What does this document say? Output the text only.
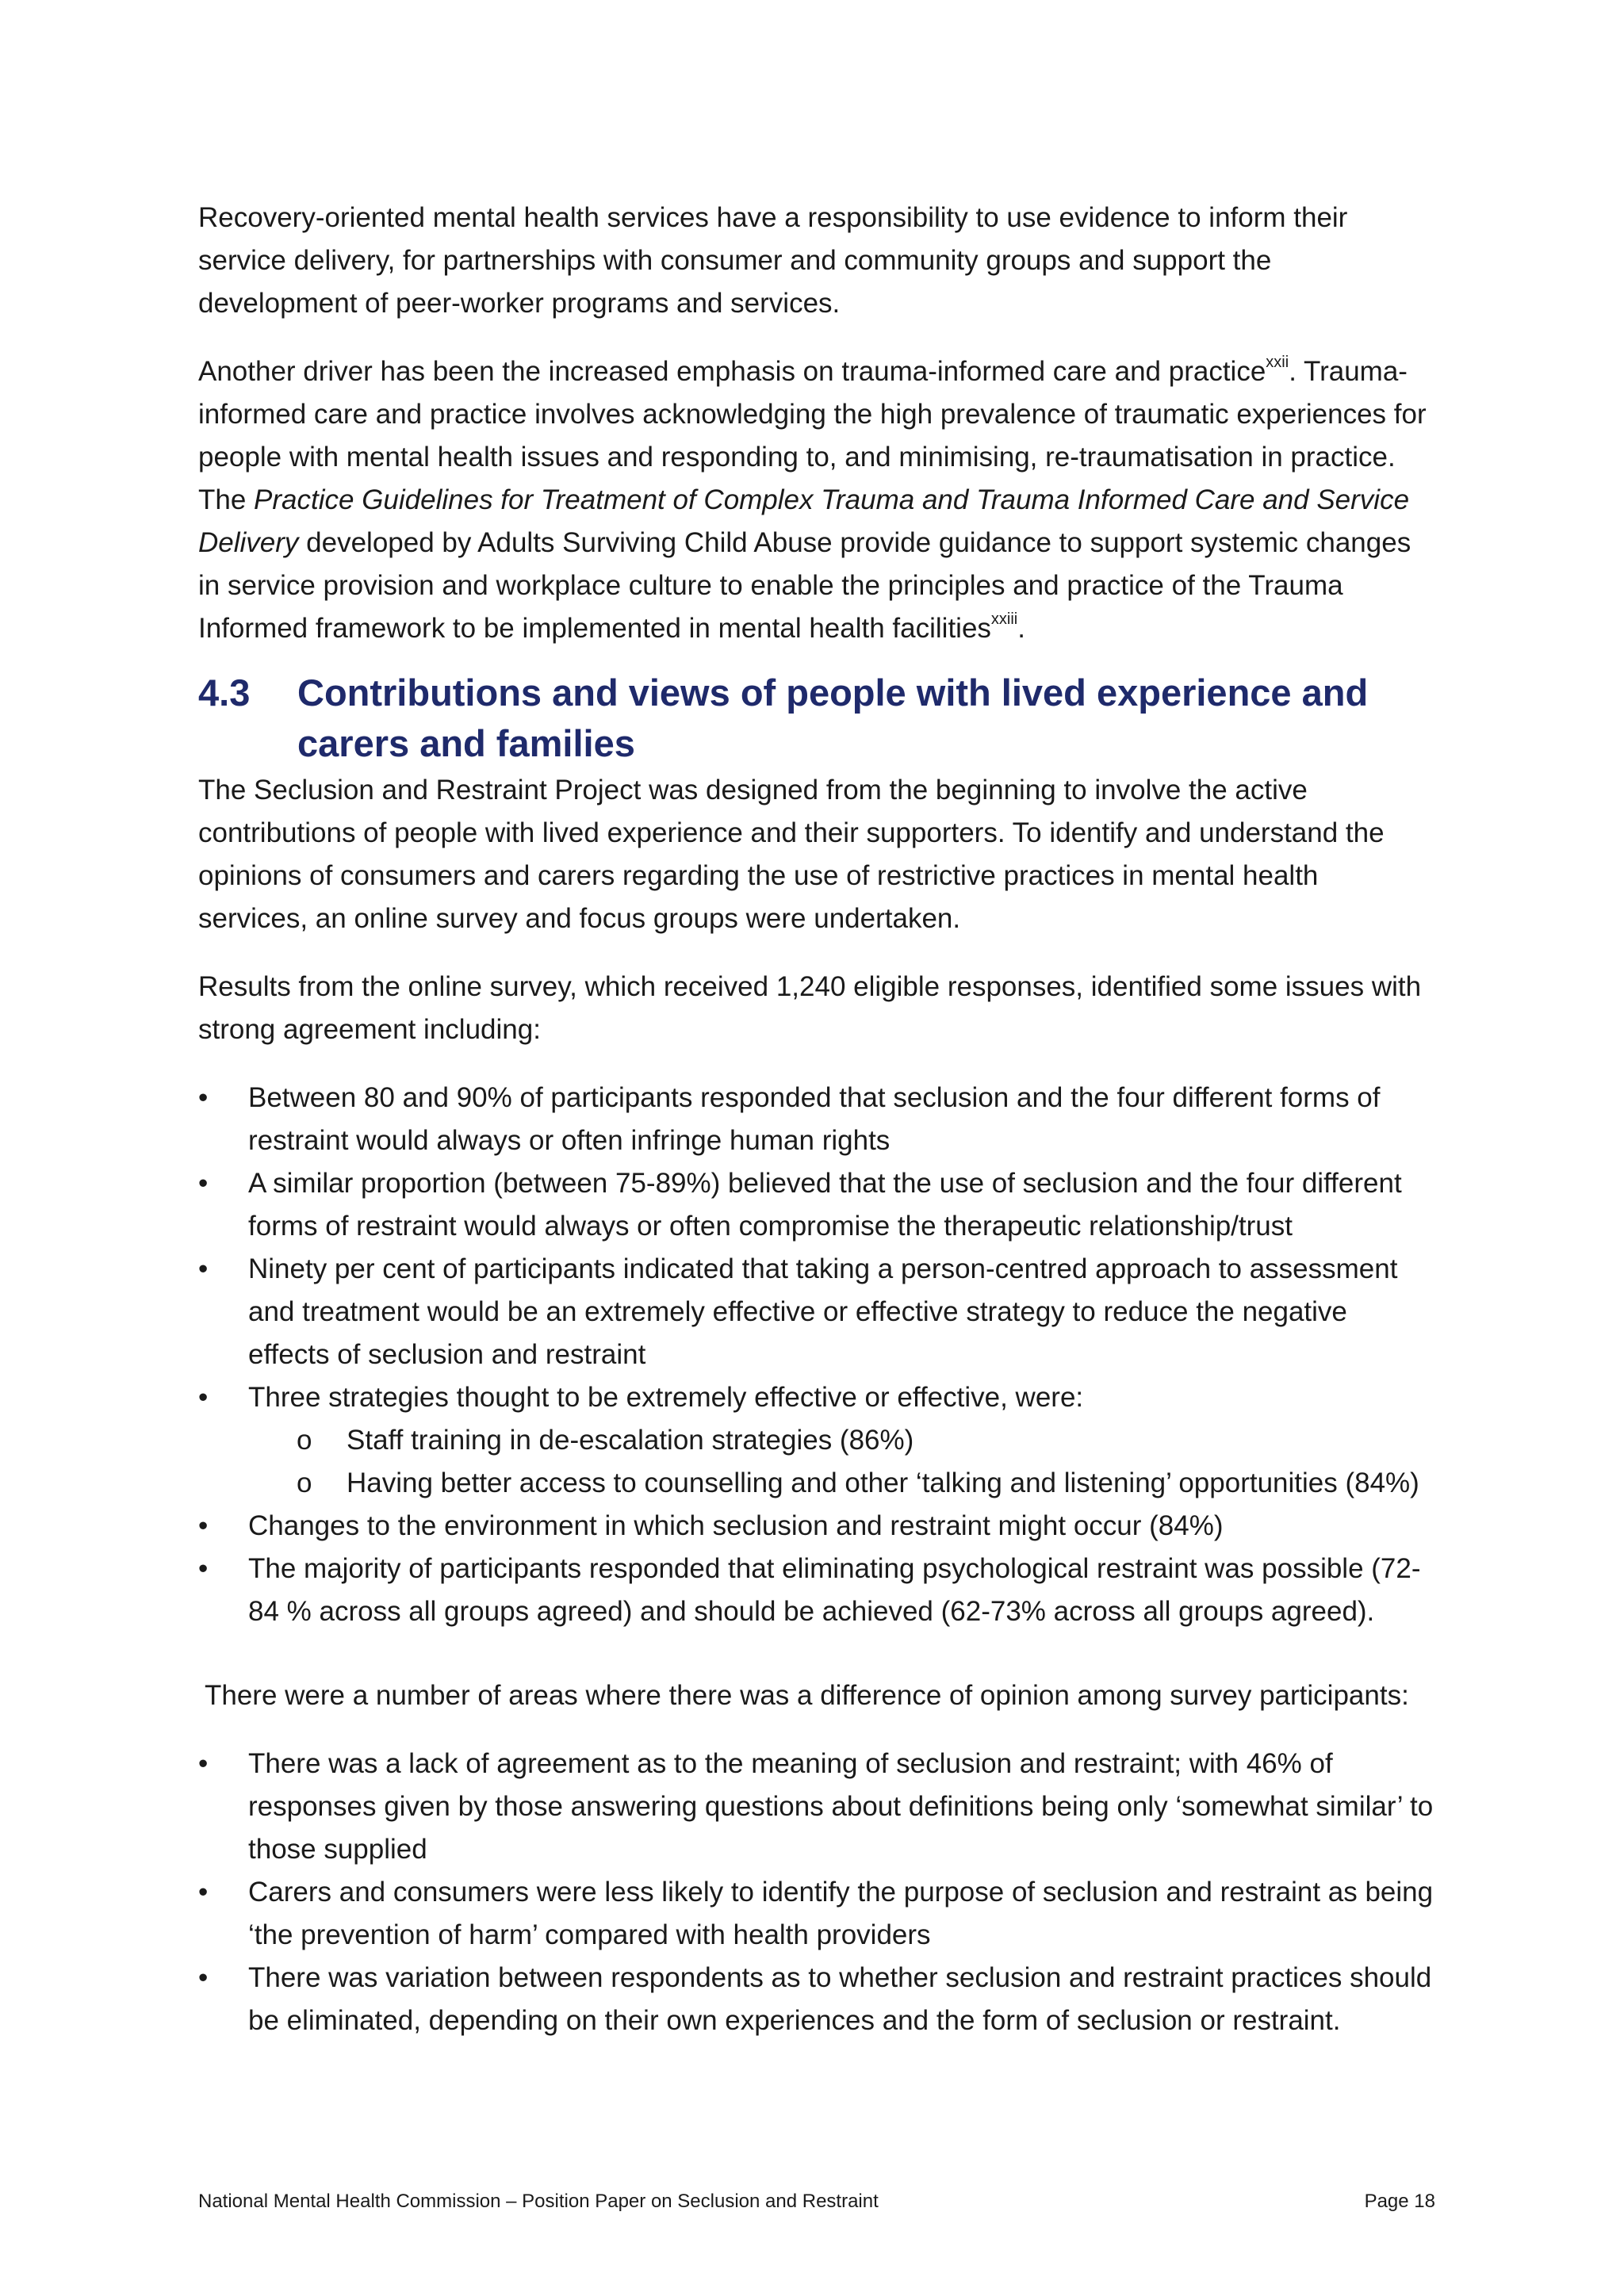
Recovery-oriented mental health services have a responsibility to use evidence to inform their service delivery, for partnerships with consumer and community groups and support the development of peer-worker programs and services.

Another driver has been the increased emphasis on trauma-informed care and practice$^{xxii}$. Trauma-informed care and practice involves acknowledging the high prevalence of traumatic experiences for people with mental health issues and responding to, and minimising, re-traumatisation in practice. The Practice Guidelines for Treatment of Complex Trauma and Trauma Informed Care and Service Delivery developed by Adults Surviving Child Abuse provide guidance to support systemic changes in service provision and workplace culture to enable the principles and practice of the Trauma Informed framework to be implemented in mental health facilities$^{xxiii}$.

4.3	Contributions and views of people with lived experience and carers and families

The Seclusion and Restraint Project was designed from the beginning to involve the active contributions of people with lived experience and their supporters. To identify and understand the opinions of consumers and carers regarding the use of restrictive practices in mental health services, an online survey and focus groups were undertaken.

Results from the online survey, which received 1,240 eligible responses, identified some issues with strong agreement including:

• Between 80 and 90% of participants responded that seclusion and the four different forms of restraint would always or often infringe human rights
• A similar proportion (between 75-89%) believed that the use of seclusion and the four different forms of restraint would always or often compromise the therapeutic relationship/trust
• Ninety per cent of participants indicated that taking a person-centred approach to assessment and treatment would be an extremely effective or effective strategy to reduce the negative effects of seclusion and restraint
• Three strategies thought to be extremely effective or effective, were:
o Staff training in de-escalation strategies (86%)
o Having better access to counselling and other ‘talking and listening’ opportunities (84%)
• Changes to the environment in which seclusion and restraint might occur (84%)
• The majority of participants responded that eliminating psychological restraint was possible (72-84 % across all groups agreed) and should be achieved (62-73% across all groups agreed).

There were a number of areas where there was a difference of opinion among survey participants:

• There was a lack of agreement as to the meaning of seclusion and restraint; with 46% of responses given by those answering questions about definitions being only ‘somewhat similar’ to those supplied
• Carers and consumers were less likely to identify the purpose of seclusion and restraint as being ‘the prevention of harm’ compared with health providers
• There was variation between respondents as to whether seclusion and restraint practices should be eliminated, depending on their own experiences and the form of seclusion or restraint.
National Mental Health Commission – Position Paper on Seclusion and Restraint	Page 18
